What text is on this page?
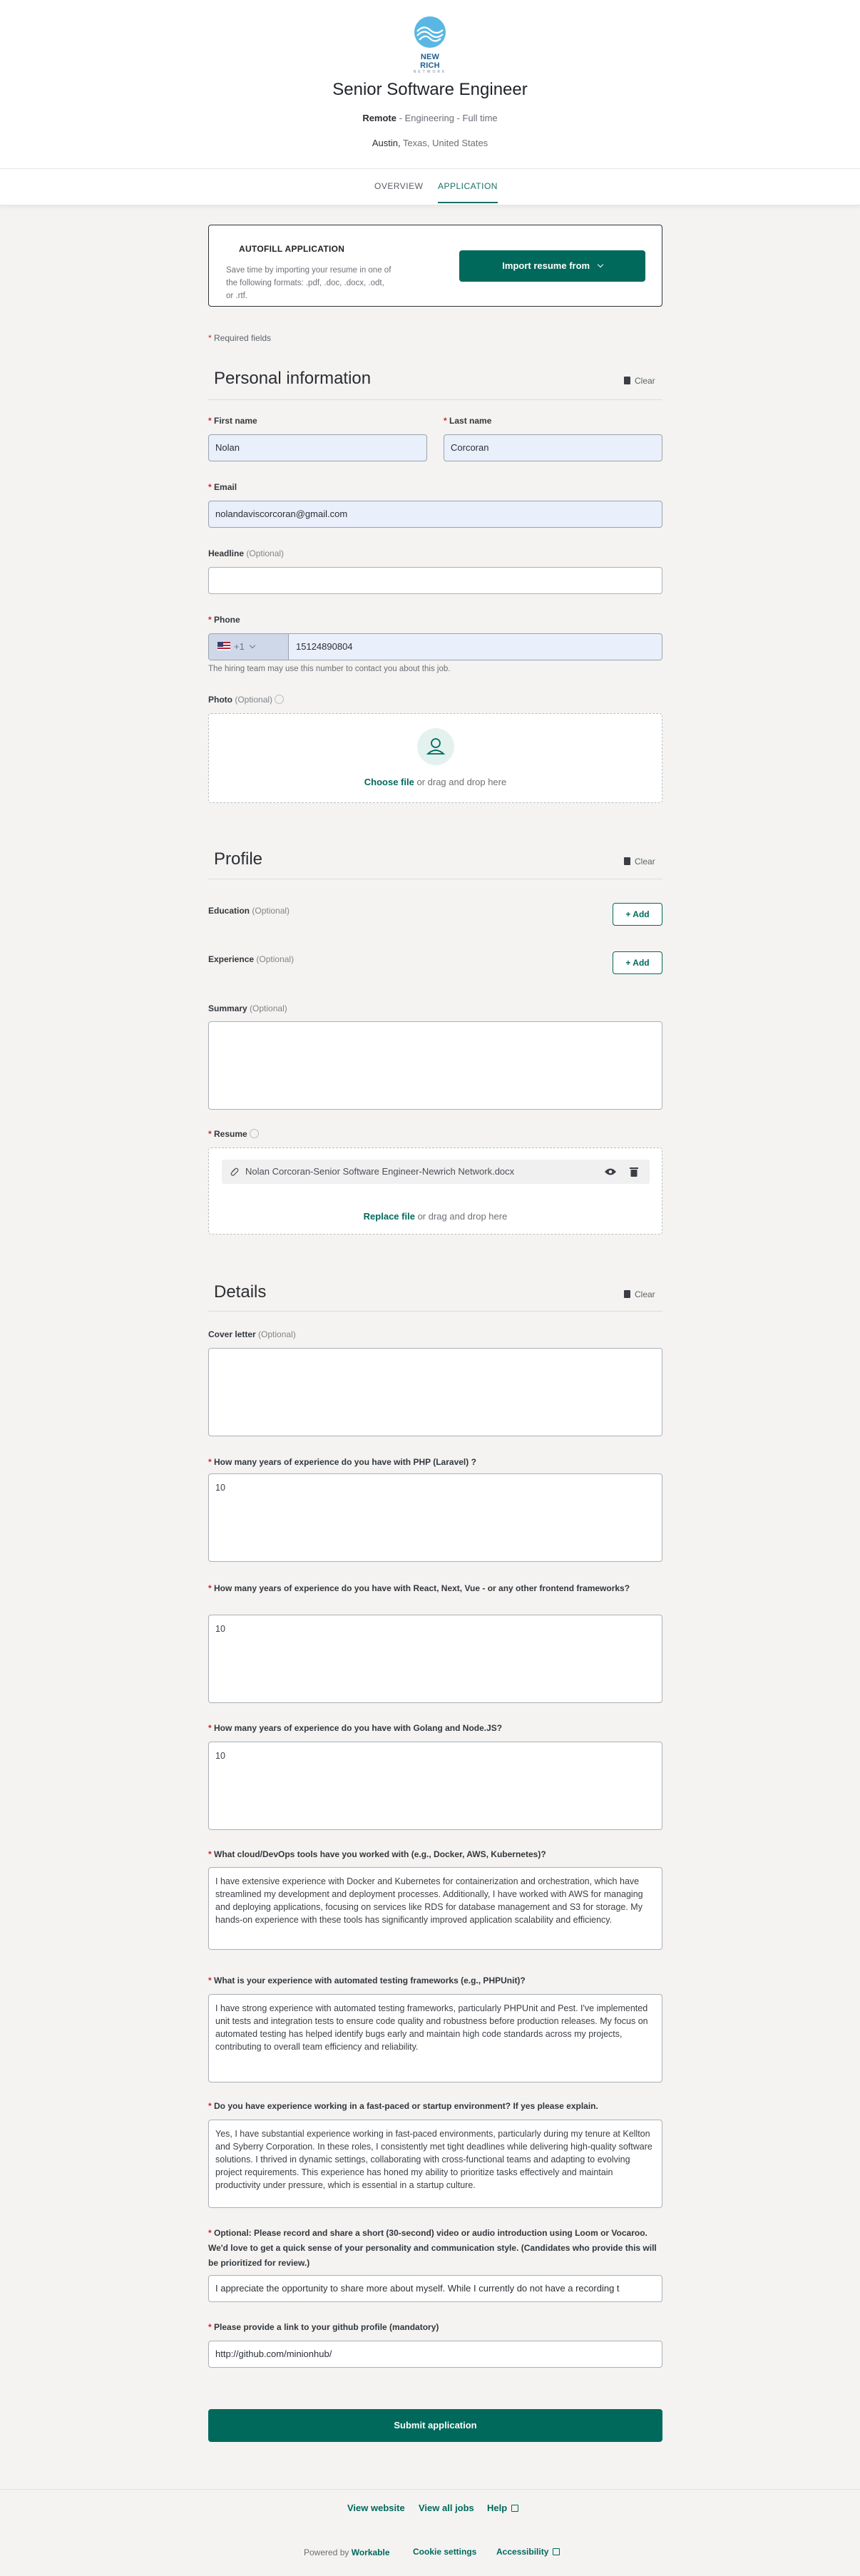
NEW RICH
NETWORK
Senior Software Engineer
Remote - Engineering - Full time
Austin, Texas, United States
OVERVIEW APPLICATION
AUTOFILL APPLICATION
Save time by importing your resume in one of the following formats: .pdf, .doc, .docx, .odt, or .rtf.
Import resume from
* Required fields
Personal information	Clear
* First name
Nolan
* Last name
Corcoran
* Email
nolandaviscorcoran@gmail.com
Headline (Optional)
* Phone
+1	15124890804
The hiring team may use this number to contact you about this job.
Photo (Optional)
Choose file or drag and drop here
Profile	Clear
Education (Optional)	+ Add
Experience (Optional)	+ Add
Summary (Optional)
* Resume
Nolan Corcoran-Senior Software Engineer-Newrich Network.docx
Replace file or drag and drop here
Details	Clear
Cover letter (Optional)
* How many years of experience do you have with PHP (Laravel) ?
10
* How many years of experience do you have with React, Next, Vue - or any other frontend frameworks?
10
* How many years of experience do you have with Golang and Node.JS?
10
* What cloud/DevOps tools have you worked with (e.g., Docker, AWS, Kubernetes)?
I have extensive experience with Docker and Kubernetes for containerization and orchestration, which have streamlined my development and deployment processes. Additionally, I have worked with AWS for managing and deploying applications, focusing on services like RDS for database management and S3 for storage. My hands-on experience with these tools has significantly improved application scalability and efficiency.
* What is your experience with automated testing frameworks (e.g., PHPUnit)?
I have strong experience with automated testing frameworks, particularly PHPUnit and Pest. I've implemented unit tests and integration tests to ensure code quality and robustness before production releases. My focus on automated testing has helped identify bugs early and maintain high code standards across my projects, contributing to overall team efficiency and reliability.
* Do you have experience working in a fast-paced or startup environment? If yes please explain.
Yes, I have substantial experience working in fast-paced environments, particularly during my tenure at Kellton and Syberry Corporation. In these roles, I consistently met tight deadlines while delivering high-quality software solutions. I thrived in dynamic settings, collaborating with cross-functional teams and adapting to evolving project requirements. This experience has honed my ability to prioritize tasks effectively and maintain productivity under pressure, which is essential in a startup culture.
* Optional: Please record and share a short (30-second) video or audio introduction using Loom or Vocaroo. We'd love to get a quick sense of your personality and communication style. (Candidates who provide this will be prioritized for review.)
I appreciate the opportunity to share more about myself. While I currently do not have a recording t
* Please provide a link to your github profile (mandatory)
http://github.com/minionhub/
Submit application
View website View all jobs Help
Powered by Workable	Cookie settings Accessibility
